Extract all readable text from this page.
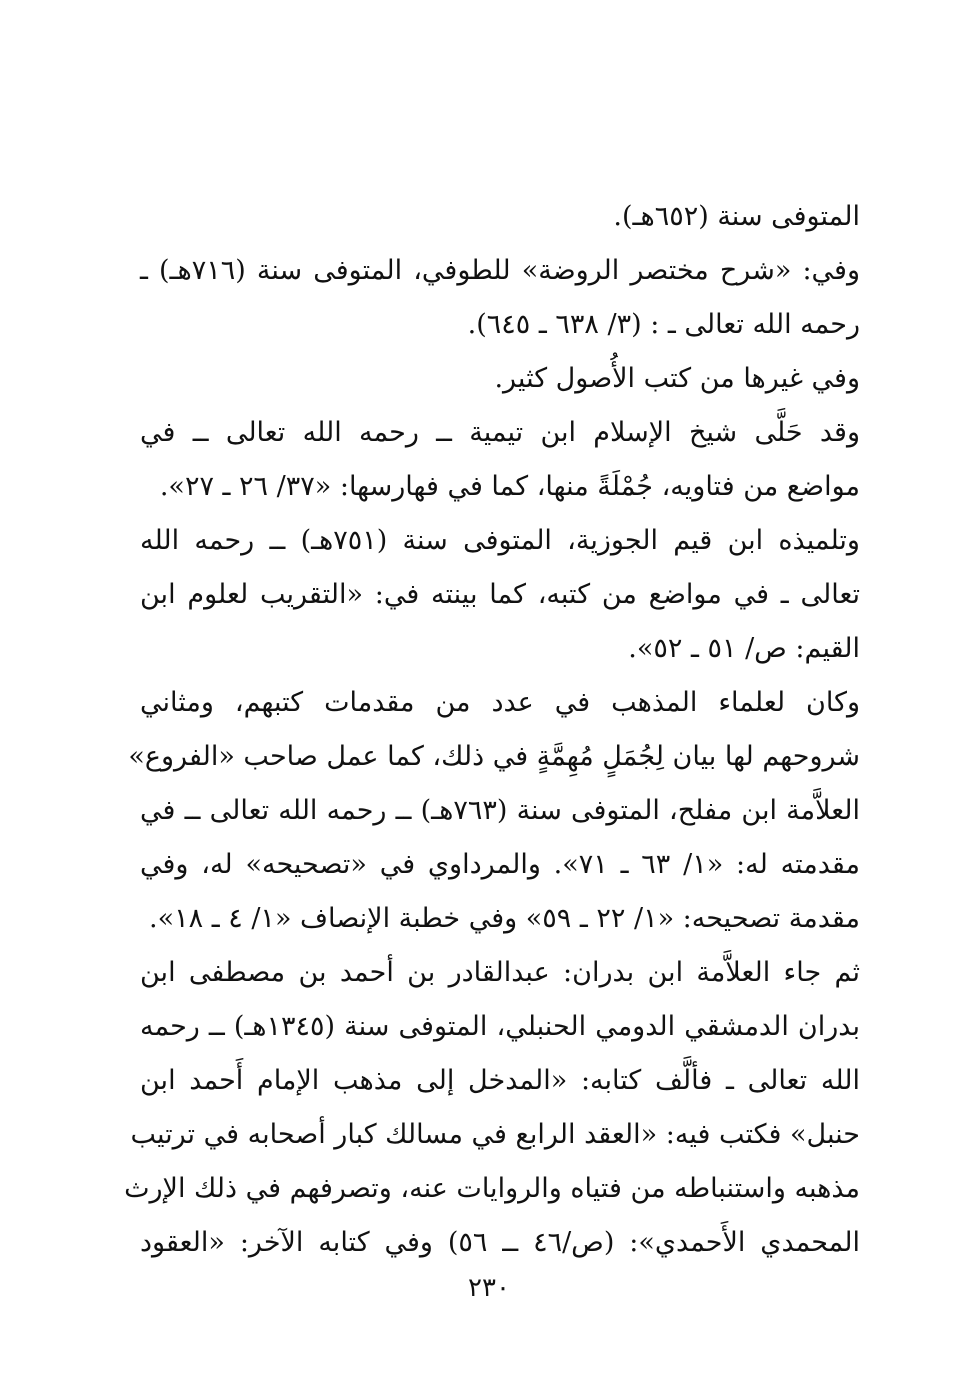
المتوفى سنة (٦٥٢هـ).
وفي: «شرح مختصر الروضة» للطوفي، المتوفى سنة (٧١٦هـ) ـ
رحمه الله تعالى ـ : (٣/ ٦٣٨ ـ ٦٤٥).
وفي غيرها من كتب الأُصول كثير.
وقد حَلَّى شيخ الإسلام ابن تيمية ــ رحمه الله تعالى ــ في
مواضع من فتاويه، جُمْلَةً منها، كما في فهارسها: «٣٧/ ٢٦ ـ ٢٧».
وتلميذه ابن قيم الجوزية، المتوفى سنة (٧٥١هـ) ــ رحمه الله
تعالى ـ في مواضع من كتبه، كما بينته في: «التقريب لعلوم ابن
القيم: ص/ ٥١ ـ ٥٢».
وكان لعلماء المذهب في عدد من مقدمات كتبهم، ومثاني
شروحهم لها بيان لِجُمَلٍ مُهِمَّةٍ في ذلك، كما عمل صاحب «الفروع»
العلاَّمة ابن مفلح، المتوفى سنة (٧٦٣هـ) ــ رحمه الله تعالى ــ في
مقدمته له: «١/ ٦٣ ـ ٧١». والمرداوي في «تصحيحه» له، وفي
مقدمة تصحيحه: «١/ ٢٢ ـ ٥٩» وفي خطبة الإنصاف «١/ ٤ ـ ١٨».
ثم جاء العلاَّمة ابن بدران: عبدالقادر بن أحمد بن مصطفى ابن
بدران الدمشقي الدومي الحنبلي، المتوفى سنة (١٣٤٥هـ) ــ رحمه
الله تعالى ـ فألَّف كتابه: «المدخل إلى مذهب الإمام أَحمد ابن
حنبل» فكتب فيه: «العقد الرابع في مسالك كبار أصحابه في ترتيب
مذهبه واستنباطه من فتياه والروايات عنه، وتصرفهم في ذلك الإرث
المحمدي الأَحمدي»: (ص/٤٦ ــ ٥٦) وفي كتابه الآخر: «العقود
٢٣٠
